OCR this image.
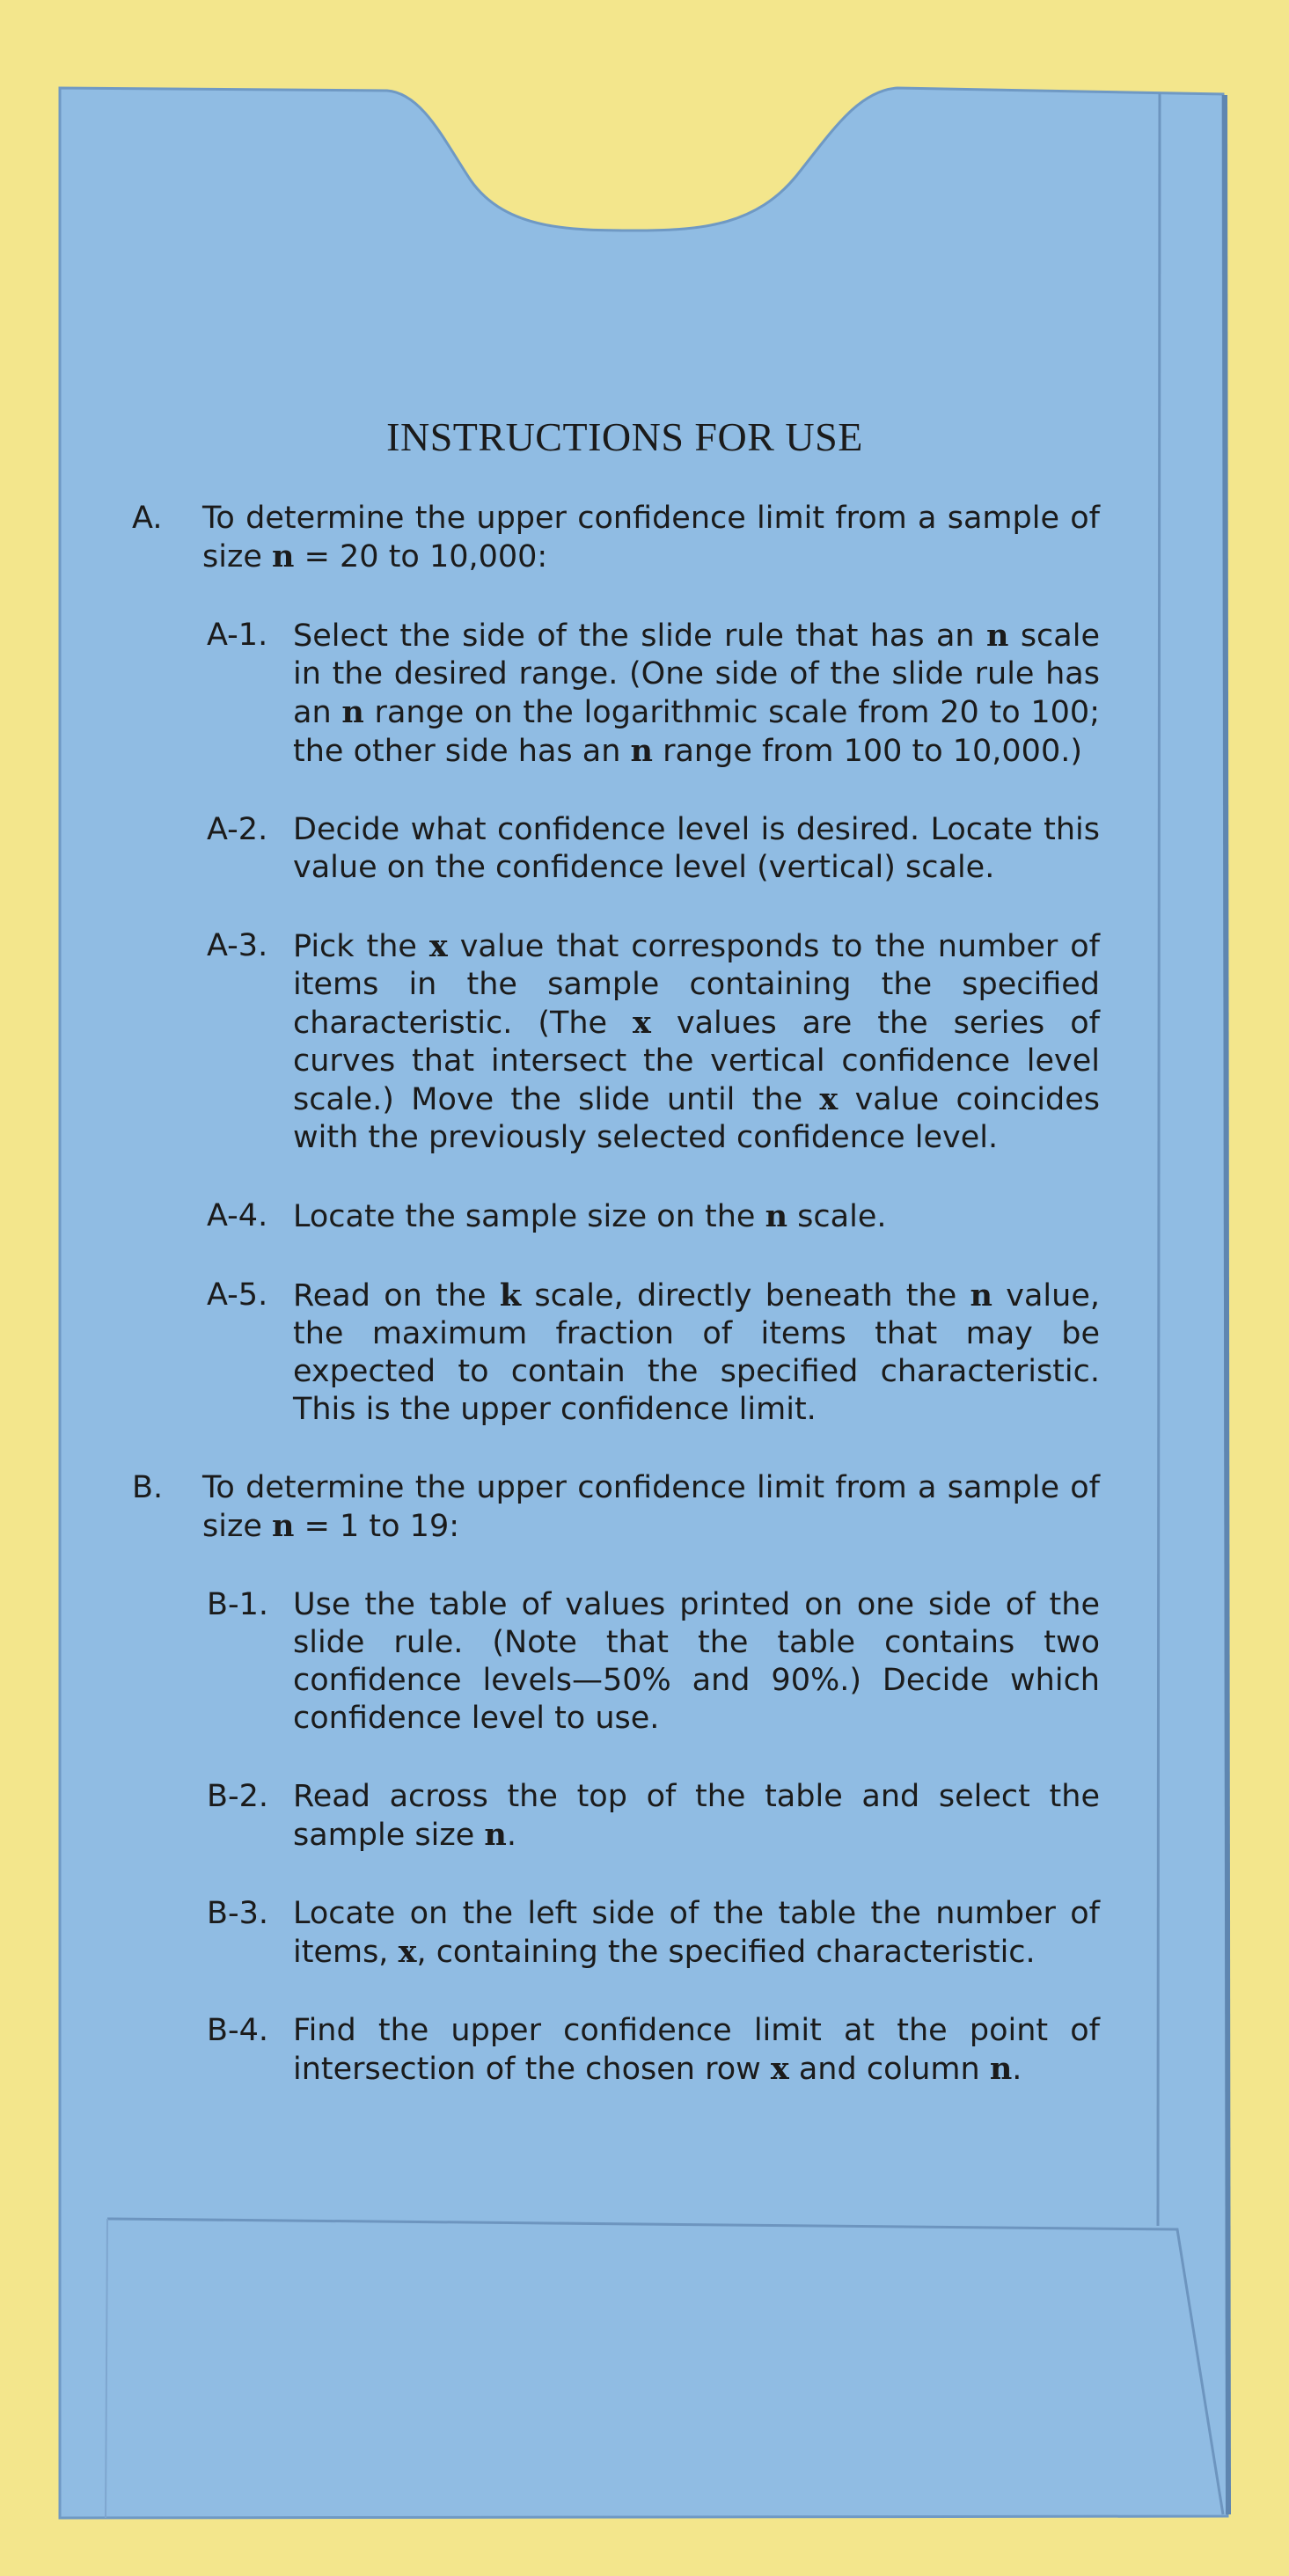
INSTRUCTIONS FOR USE
A.	To determine the upper confidence limit from a sample of size n = 20 to 10,000:
A-1. Select the side of the slide rule that has an n scale in the desired range. (One side of the slide rule has an n range on the logarithmic scale from 20 to 100; the other side has an n range from 100 to 10,000.)
A-2. Decide what confidence level is desired. Locate this value on the confidence level (vertical) scale.
A-3. Pick the x value that corresponds to the number of items in the sample containing the specified characteristic. (The x values are the series of curves that intersect the vertical confidence level scale.) Move the slide until the x value coincides with the previously selected confidence level.
A-4. Locate the sample size on the n scale.
A-5. Read on the k scale, directly beneath the n value, the maximum fraction of items that may be expected to contain the specified characteristic. This is the upper confidence limit.
B.	To determine the upper confidence limit from a sample of size n = 1 to 19:
B-1. Use the table of values printed on one side of the slide rule. (Note that the table contains two confidence levels—50% and 90%.) Decide which confidence level to use.
B-2. Read across the top of the table and select the sample size n.
B-3. Locate on the left side of the table the number of items, x, containing the specified characteristic.
B-4. Find the upper confidence limit at the point of intersection of the chosen row x and column n.
